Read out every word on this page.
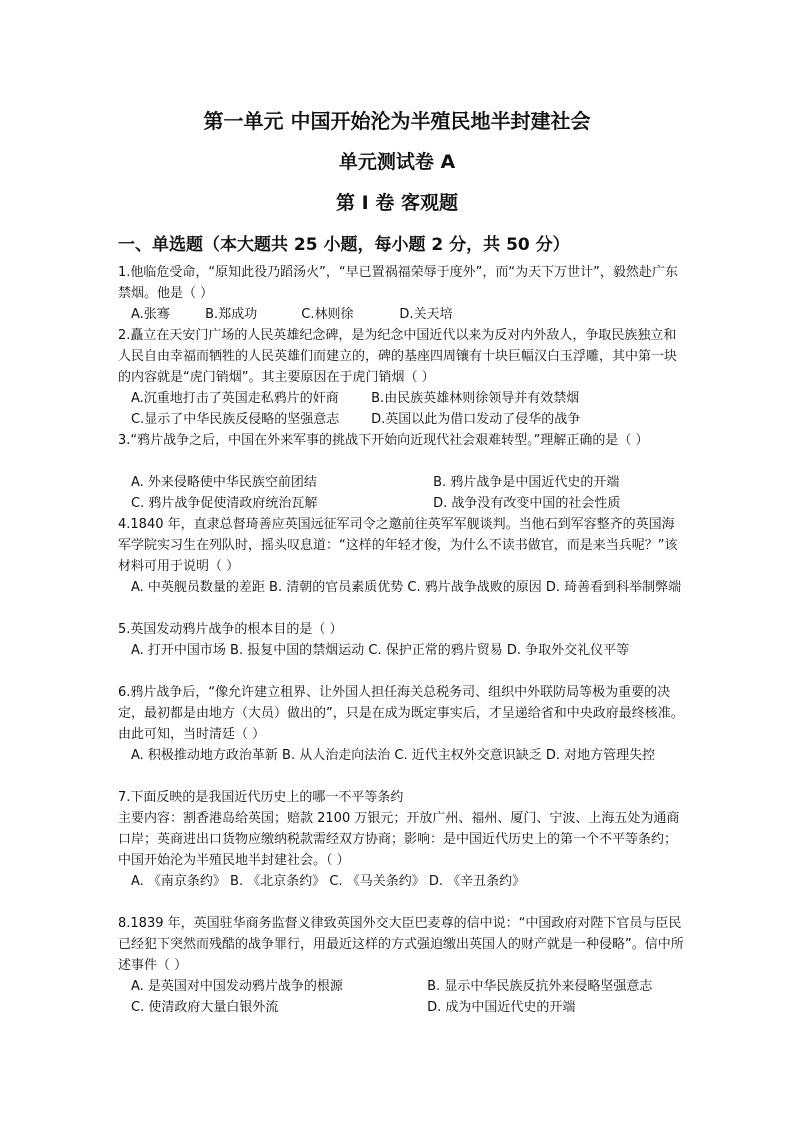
第一单元 中国开始沦为半殖民地半封建社会
单元测试卷 A
第 I 卷 客观题
一、单选题（本大题共 25 小题，每小题 2 分，共 50 分）

1.他临危受命，“原知此役乃蹈汤火”，“早已置祸福荣辱于度外”，而“为天下万世计”，毅然赴广东禁烟。他是（ ）

A.张骞	B.郑成功	C.林则徐	D.关天培

2.矗立在天安门广场的人民英雄纪念碑，是为纪念中国近代以来为反对内外敌人，争取民族独立和人民自由幸福而牺牲的人民英雄们而建立的，碑的基座四周镶有十块巨幅汉白玉浮雕，其中第一块的内容就是“虎门销烟”。其主要原因在于虎门销烟（ ）

A.沉重地打击了英国走私鸦片的奸商 B.由民族英雄林则徐领导并有效禁烟
C.显示了中华民族反侵略的坚强意志 D.英国以此为借口发动了侵华的战争

3.“鸦片战争之后，中国在外来军事的挑战下开始向近现代社会艰难转型。”理解正确的是（ ）

A. 外来侵略使中华民族空前团结	B. 鸦片战争是中国近代史的开端
C. 鸦片战争促使清政府统治瓦解	D. 战争没有改变中国的社会性质

4.1840 年，直隶总督琦善应英国远征军司令之邀前往英军军舰谈判。当他石到军容整齐的英国海军学院实习生在列队时，摇头叹息道：“这样的年轻才俊，为什么不读书做官，而是来当兵呢？”该材料可用于说明（ ）

A. 中英舰员数量的差距 B. 清朝的官员素质优势 C. 鸦片战争战败的原因 D. 琦善看到科举制弊端

5.英国发动鸦片战争的根本目的是（ ）

A. 打开中国市场 B. 报复中国的禁烟运动 C. 保护正常的鸦片贸易 D. 争取外交礼仪平等

6.鸦片战争后，“像允许建立租界、让外国人担任海关总税务司、组织中外联防局等极为重要的决定，最初都是由地方（大员）做出的”，只是在成为既定事实后，才呈递给省和中央政府最终核准。由此可知，当时清廷（ ）

A. 积极推动地方政治革新 B. 从人治走向法治 C. 近代主权外交意识缺乏 D. 对地方管理失控

7.下面反映的是我国近代历史上的哪一不平等条约

主要内容：割香港岛给英国；赔款 2100 万银元；开放广州、福州、厦门、宁波、上海五处为通商口岸；英商进出口货物应缴纳税款需经双方协商；影响：是中国近代历史上的第一个不平等条约；中国开始沦为半殖民地半封建社会。（ ）

A. 《南京条约》 B. 《北京条约》 C. 《马关条约》 D. 《辛丑条约》

8.1839 年，英国驻华商务监督义律致英国外交大臣巴麦尊的信中说：“中国政府对陛下官员与臣民已经犯下突然而残酷的战争罪行，用最近这样的方式强迫缴出英国人的财产就是一种侵略”。信中所述事件（ ）

A. 是英国对中国发动鸦片战争的根源	B. 显示中华民族反抗外来侵略坚强意志
C. 使清政府大量白银外流	D. 成为中国近代史的开端
